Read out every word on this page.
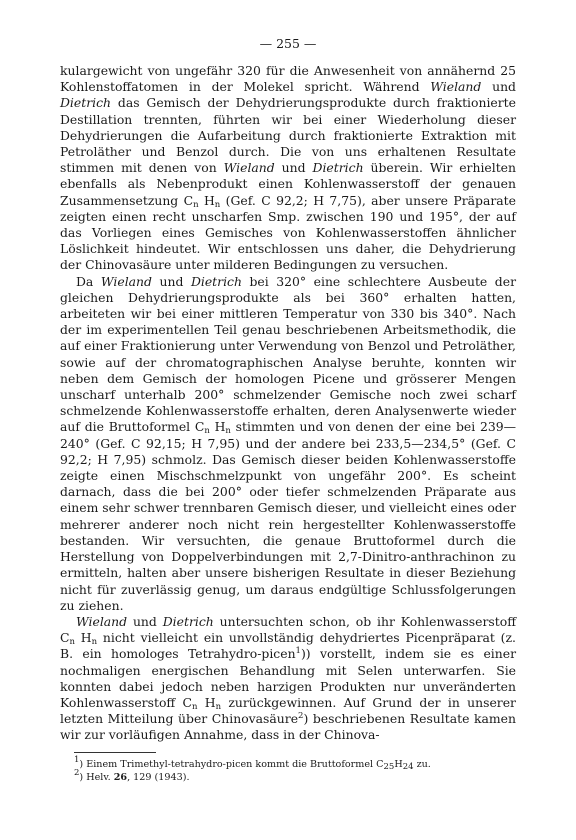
— 255 —

kulargewicht von ungefähr 320 für die Anwesenheit von annähernd 25 Kohlenstoffatomen in der Molekel spricht. Während Wieland und Dietrich das Gemisch der Dehydrierungsprodukte durch fraktionierte Destillation trennten, führten wir bei einer Wiederholung dieser Dehydrierungen die Aufarbeitung durch fraktionierte Extraktion mit Petroläther und Benzol durch. Die von uns erhaltenen Resultate stimmen mit denen von Wieland und Dietrich überein. Wir erhielten ebenfalls als Nebenprodukt einen Kohlenwasserstoff der genauen Zusammensetzung $C_n$ $H_n$ (Gef. C 92,2; H 7,75), aber unsere Präparate zeigten einen recht unscharfen Smp. zwischen 190 und 195°, der auf das Vorliegen eines Gemisches von Kohlenwasserstoffen ähnlicher Löslichkeit hindeutet. Wir entschlossen uns daher, die Dehydrierung der Chinovasäure unter milderen Bedingungen zu versuchen.

Da Wieland und Dietrich bei 320° eine schlechtere Ausbeute der gleichen Dehydrierungsprodukte als bei 360° erhalten hatten, arbeiteten wir bei einer mittleren Temperatur von 330 bis 340°. Nach der im experimentellen Teil genau beschriebenen Arbeitsmethodik, die auf einer Fraktionierung unter Verwendung von Benzol und Petroläther, sowie auf der chromatographischen Analyse beruhte, konnten wir neben dem Gemisch der homologen Picene und grösserer Mengen unscharf unterhalb 200° schmelzender Gemische noch zwei scharf schmelzende Kohlenwasserstoffe erhalten, deren Analysenwerte wieder auf die Bruttoformel $C_n$ $H_n$ stimmten und von denen der eine bei 239—240° (Gef. C 92,15; H 7,95) und der andere bei 233,5—234,5° (Gef. C 92,2; H 7,95) schmolz. Das Gemisch dieser beiden Kohlenwasserstoffe zeigte einen Mischschmelzpunkt von ungefähr 200°. Es scheint darnach, dass die bei 200° oder tiefer schmelzenden Präparate aus einem sehr schwer trennbaren Gemisch dieser, und vielleicht eines oder mehrerer anderer noch nicht rein hergestellter Kohlenwasserstoffe bestanden. Wir versuchten, die genaue Bruttoformel durch die Herstellung von Doppelverbindungen mit 2,7-Dinitro-anthrachinon zu ermitteln, halten aber unsere bisherigen Resultate in dieser Beziehung nicht für zuverlässig genug, um daraus endgültige Schlussfolgerungen zu ziehen.

Wieland und Dietrich untersuchten schon, ob ihr Kohlenwasserstoff $C_n$ $H_n$ nicht vielleicht ein unvollständig dehydriertes Picenpräparat (z. B. ein homologes Tetrahydro-picen$^1$)) vorstellt, indem sie es einer nochmaligen energischen Behandlung mit Selen unterwarfen. Sie konnten dabei jedoch neben harzigen Produkten nur unveränderten Kohlenwasserstoff $C_n$ $H_n$ zurückgewinnen. Auf Grund der in unserer letzten Mitteilung über Chinovasäure$^2$) beschriebenen Resultate kamen wir zur vorläufigen Annahme, dass in der Chinova-

$^1$) Einem Trimethyl-tetrahydro-picen kommt die Bruttoformel $C_{25}H_{24}$ zu.

$^2$) Helv. 26, 129 (1943).
